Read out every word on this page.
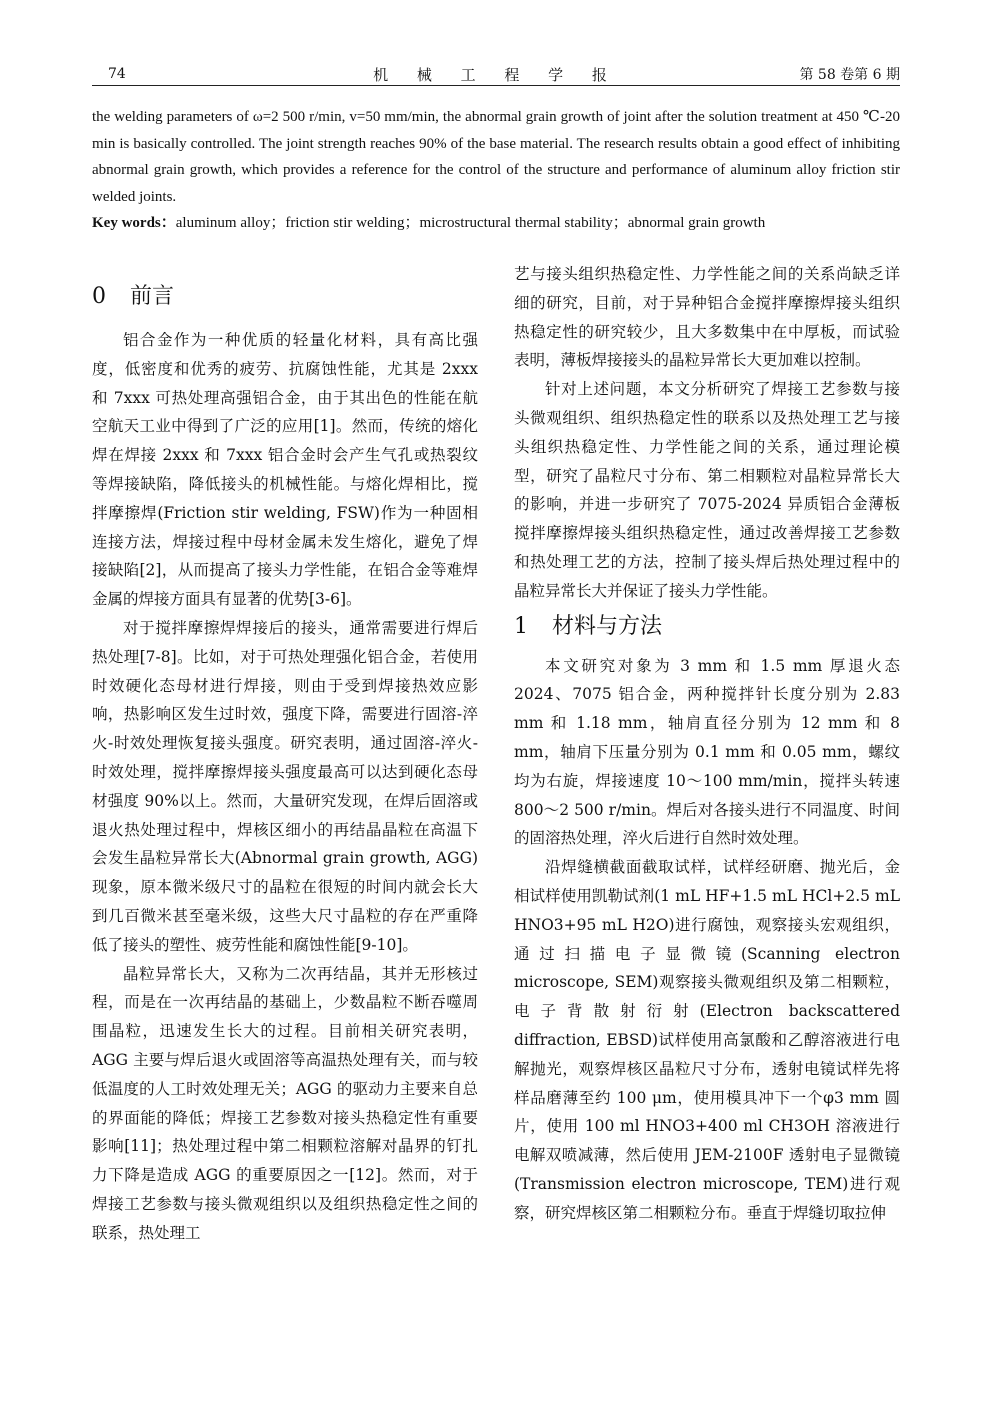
74	机 械 工 程 学 报	第 58 卷第 6 期
the welding parameters of ω=2 500 r/min, v=50 mm/min, the abnormal grain growth of joint after the solution treatment at 450 ℃-20 min is basically controlled. The joint strength reaches 90% of the base material. The research results obtain a good effect of inhibiting abnormal grain growth, which provides a reference for the control of the structure and performance of aluminum alloy friction stir welded joints.
Key words：aluminum alloy；friction stir welding；microstructural thermal stability；abnormal grain growth
0 前言

铝合金作为一种优质的轻量化材料，具有高比强度，低密度和优秀的疲劳、抗腐蚀性能，尤其是 2xxx 和 7xxx 可热处理高强铝合金，由于其出色的性能在航空航天工业中得到了广泛的应用[1]。然而，传统的熔化焊在焊接 2xxx 和 7xxx 铝合金时会产生气孔或热裂纹等焊接缺陷，降低接头的机械性能。与熔化焊相比，搅拌摩擦焊(Friction stir welding, FSW)作为一种固相连接方法，焊接过程中母材金属未发生熔化，避免了焊接缺陷[2]，从而提高了接头力学性能，在铝合金等难焊金属的焊接方面具有显著的优势[3-6]。

对于搅拌摩擦焊焊接后的接头，通常需要进行焊后热处理[7-8]。比如，对于可热处理强化铝合金，若使用时效硬化态母材进行焊接，则由于受到焊接热效应影响，热影响区发生过时效，强度下降，需要进行固溶-淬火-时效处理恢复接头强度。研究表明，通过固溶-淬火-时效处理，搅拌摩擦焊接头强度最高可以达到硬化态母材强度 90%以上。然而，大量研究发现，在焊后固溶或退火热处理过程中，焊核区细小的再结晶晶粒在高温下会发生晶粒异常长大(Abnormal grain growth, AGG)现象，原本微米级尺寸的晶粒在很短的时间内就会长大到几百微米甚至毫米级，这些大尺寸晶粒的存在严重降低了接头的塑性、疲劳性能和腐蚀性能[9-10]。

晶粒异常长大，又称为二次再结晶，其并无形核过程，而是在一次再结晶的基础上，少数晶粒不断吞噬周围晶粒，迅速发生长大的过程。目前相关研究表明，AGG 主要与焊后退火或固溶等高温热处理有关，而与较低温度的人工时效处理无关；AGG 的驱动力主要来自总的界面能的降低；焊接工艺参数对接头热稳定性有重要影响[11]；热处理过程中第二相颗粒溶解对晶界的钉扎力下降是造成 AGG 的重要原因之一[12]。然而，对于焊接工艺参数与接头微观组织以及组织热稳定性之间的联系，热处理工

艺与接头组织热稳定性、力学性能之间的关系尚缺乏详细的研究，目前，对于异种铝合金搅拌摩擦焊接头组织热稳定性的研究较少，且大多数集中在中厚板，而试验表明，薄板焊接接头的晶粒异常长大更加难以控制。

针对上述问题，本文分析研究了焊接工艺参数与接头微观组织、组织热稳定性的联系以及热处理工艺与接头组织热稳定性、力学性能之间的关系，通过理论模型，研究了晶粒尺寸分布、第二相颗粒对晶粒异常长大的影响，并进一步研究了 7075-2024 异质铝合金薄板搅拌摩擦焊接头组织热稳定性，通过改善焊接工艺参数和热处理工艺的方法，控制了接头焊后热处理过程中的晶粒异常长大并保证了接头力学性能。

1 材料与方法

本文研究对象为 3 mm 和 1.5 mm 厚退火态 2024、7075 铝合金，两种搅拌针长度分别为 2.83 mm 和 1.18 mm，轴肩直径分别为 12 mm 和 8 mm，轴肩下压量分别为 0.1 mm 和 0.05 mm，螺纹均为右旋，焊接速度 10～100 mm/min，搅拌头转速 800～2 500 r/min。焊后对各接头进行不同温度、时间的固溶热处理，淬火后进行自然时效处理。

沿焊缝横截面截取试样，试样经研磨、抛光后，金相试样使用凯勒试剂(1 mL HF+1.5 mL HCl+2.5 mL HNO3+95 mL H2O)进行腐蚀，观察接头宏观组织，通过扫描电子显微镜(Scanning electron microscope, SEM)观察接头微观组织及第二相颗粒，电子背散射衍射(Electron backscattered diffraction, EBSD)试样使用高氯酸和乙醇溶液进行电解抛光，观察焊核区晶粒尺寸分布，透射电镜试样先将样品磨薄至约 100 μm，使用模具冲下一个φ3 mm 圆片，使用 100 ml HNO3+400 ml CH3OH 溶液进行电解双喷减薄，然后使用 JEM-2100F 透射电子显微镜(Transmission electron microscope, TEM)进行观察，研究焊核区第二相颗粒分布。垂直于焊缝切取拉伸
